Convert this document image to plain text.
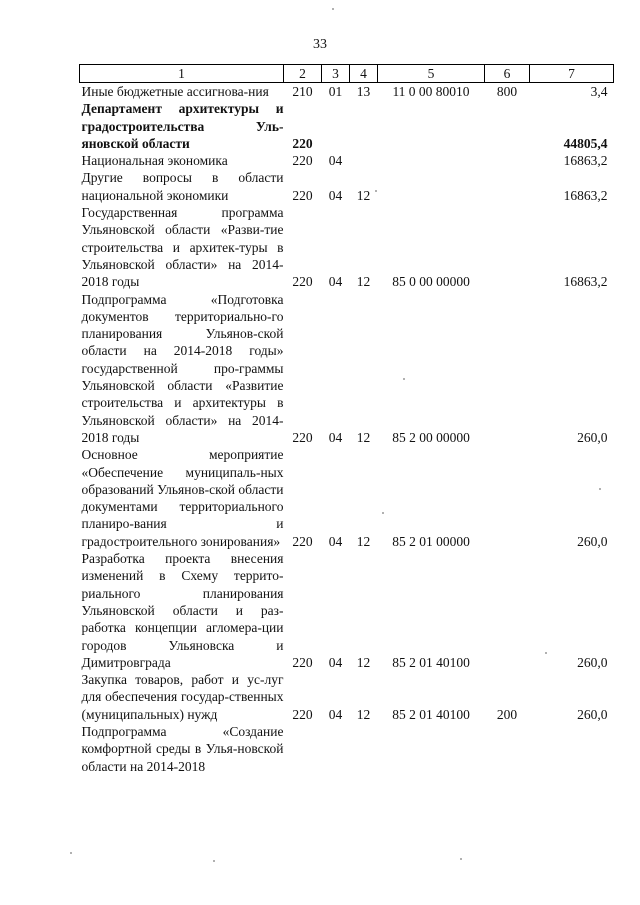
33
1	2	3	4	5	6	7
Иные бюджетные ассигнова-ния	210	01	13	11 0 00 80010	800	3,4
Департамент архитектуры и градостроительства Уль-яновской области	220					44805,4
Национальная экономика	220	04				16863,2
Другие вопросы в области национальной экономики	220	04	12			16863,2
Государственная программа Ульяновской области «Разви-тие строительства и архитек-туры в Ульяновской области» на 2014-2018 годы	220	04	12	85 0 00 00000		16863,2
Подпрограмма «Подготовка документов территориально-го планирования Ульянов-ской области на 2014-2018 годы» государственной про-граммы Ульяновской области «Развитие строительства и архитектуры в Ульяновской области» на 2014-2018 годы	220	04	12	85 2 00 00000		260,0
Основное мероприятие «Обеспечение муниципаль-ных образований Ульянов-ской области документами территориального планиро-вания и градостроительного зонирования»	220	04	12	85 2 01 00000		260,0
Разработка проекта внесения изменений в Схему террито-риального планирования Ульяновской области и раз-работка концепции агломера-ции городов Ульяновска и Димитровграда	220	04	12	85 2 01 40100		260,0
Закупка товаров, работ и ус-луг для обеспечения государ-ственных (муниципальных) нужд	220	04	12	85 2 01 40100	200	260,0
Подпрограмма «Создание комфортной среды в Улья-новской области на 2014-2018						
